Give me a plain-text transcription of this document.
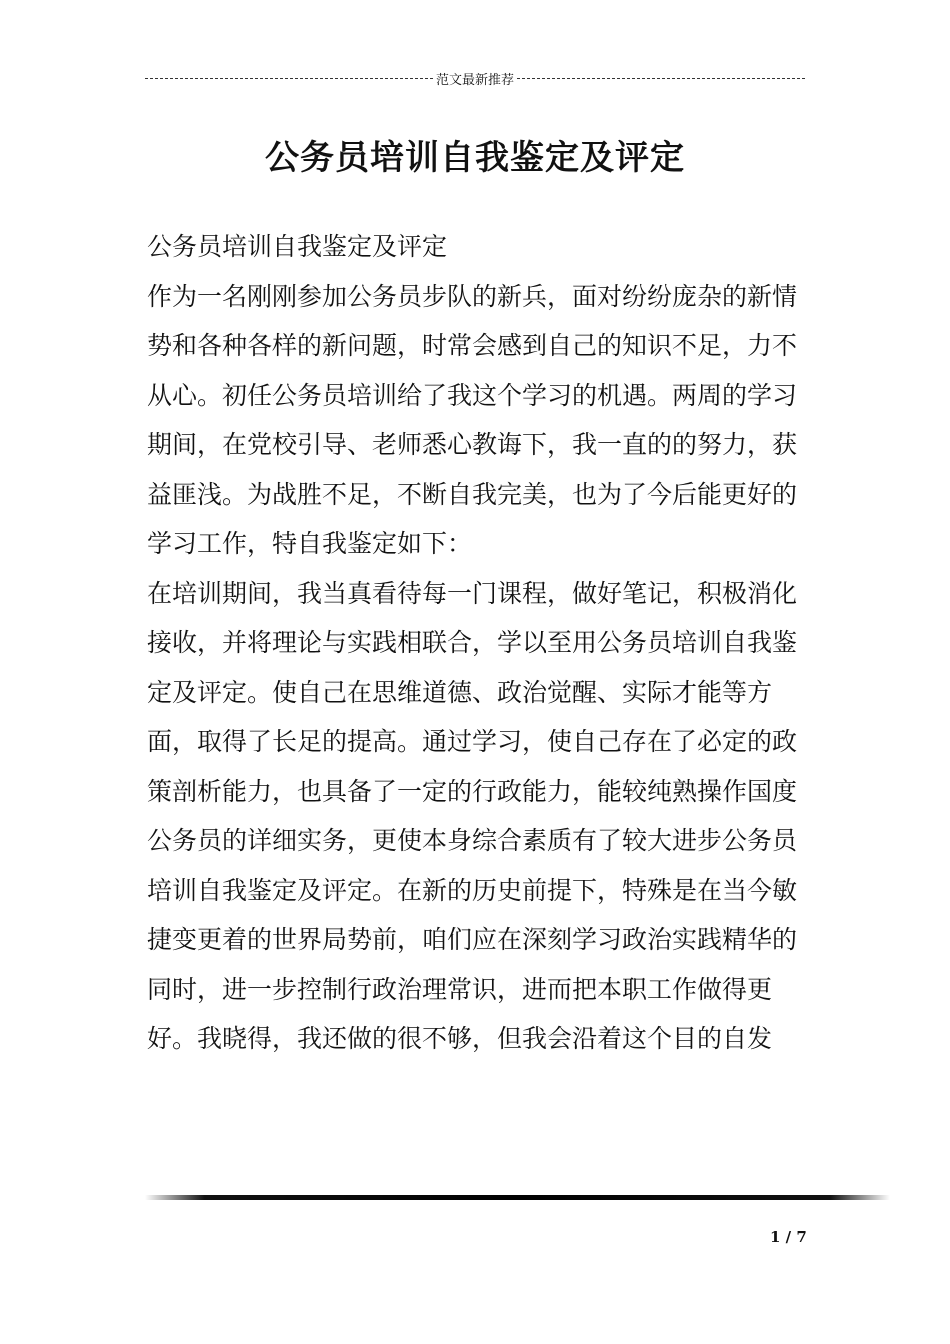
范文最新推荐
公务员培训自我鉴定及评定

公务员培训自我鉴定及评定

作为一名刚刚参加公务员步队的新兵，面对纷纷庞杂的新情势和各种各样的新问题，时常会感到自己的知识不足，力不从心。初任公务员培训给了我这个学习的机遇。两周的学习期间，在党校引导、老师悉心教诲下，我一直的的努力，获益匪浅。为战胜不足，不断自我完美，也为了今后能更好的学习工作，特自我鉴定如下：

在培训期间，我当真看待每一门课程，做好笔记，积极消化接收，并将理论与实践相联合，学以至用公务员培训自我鉴定及评定。使自己在思维道德、政治觉醒、实际才能等方面，取得了长足的提高。通过学习，使自己存在了必定的政策剖析能力，也具备了一定的行政能力，能较纯熟操作国度公务员的详细实务，更使本身综合素质有了较大进步公务员培训自我鉴定及评定。在新的历史前提下，特殊是在当今敏捷变更着的世界局势前，咱们应在深刻学习政治实践精华的同时，进一步控制行政治理常识，进而把本职工作做得更好。我晓得，我还做的很不够，但我会沿着这个目的自发

1 / 7
